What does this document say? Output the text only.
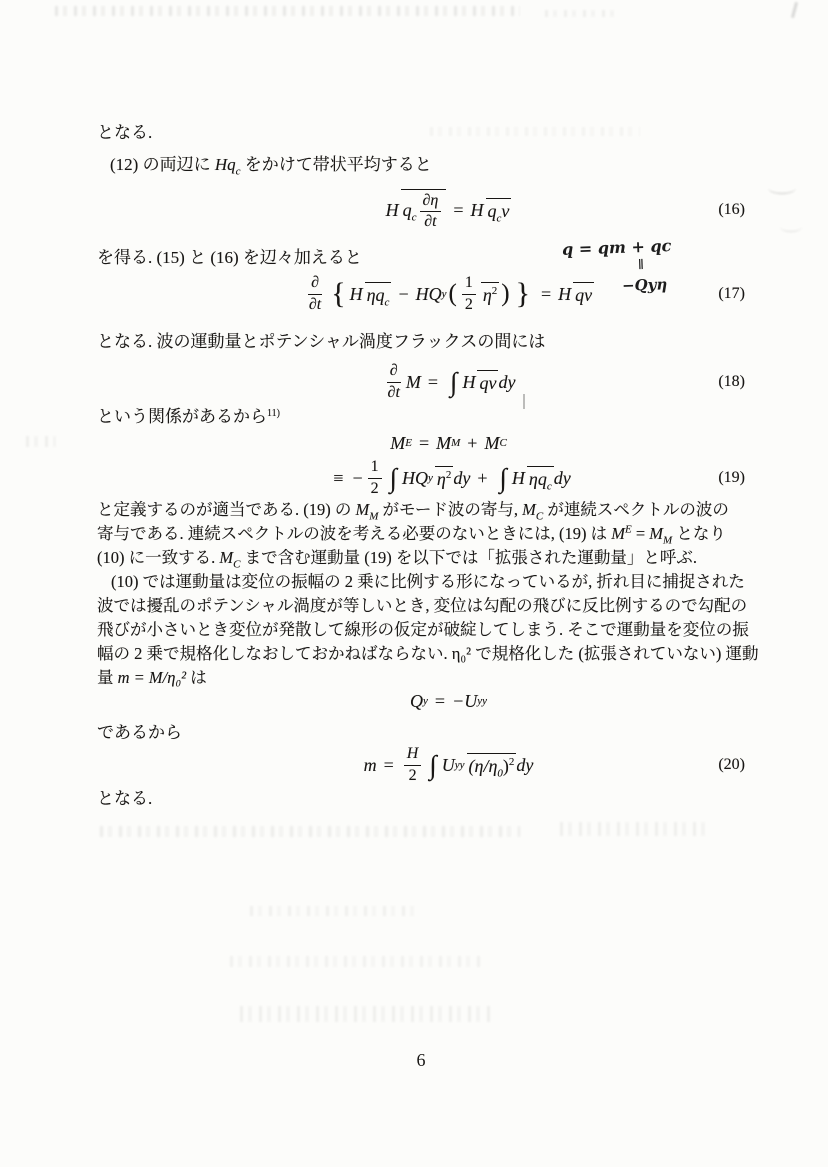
となる.
(12) の両辺に $Hq_c$ をかけて帯状平均すると
H $q_c \frac{\partial\eta}{\partial t} = H$ $q_cv$	(16)
を得る. (15) と (16) を辺々加えると	q = qm + qc
∥
−Qyη
$\frac{\partial}{\partial t}$ { H $\eta q_c$ − HQ y ( $\frac{1}{2} \eta^2$ ) } = H qv	(17)
となる. 波の運動量とポテンシャル渦度フラックスの間には
$\frac{\partial}{\partial t}$ M = ∫ H qv dy	(18)
という関係があるから$^{11)}$
M E = M M + M C
≡ − $\frac{1}{2}$ ∫ HQ y $\eta^2$ dy + ∫ H $\eta q_c$ dy	(19)
と定義するのが適当である. (19) の $M_M$ がモード波の寄与, $M_C$ が連続スペクトルの波の
寄与である. 連続スペクトルの波を考える必要のないときには, (19) は $M^E = M_M$ となり
(10) に一致する. $M_C$ まで含む運動量 (19) を以下では「拡張された運動量」と呼ぶ.
(10) では運動量は変位の振幅の 2 乗に比例する形になっているが, 折れ目に捕捉された
波では擾乱のポテンシャル渦度が等しいとき, 変位は勾配の飛びに反比例するので勾配の
飛びが小さいとき変位が発散して線形の仮定が破綻してしまう. そこで運動量を変位の振
幅の 2 乗で規格化しなおしておかねばならない. η₀² で規格化した (拡張されていない) 運動
量 m = M/η₀² は
Q y = −U yy
であるから
$m = \frac{H}{2}$ ∫ U yy $(\eta/\eta_0)^2$ dy	(20)
となる.
6
